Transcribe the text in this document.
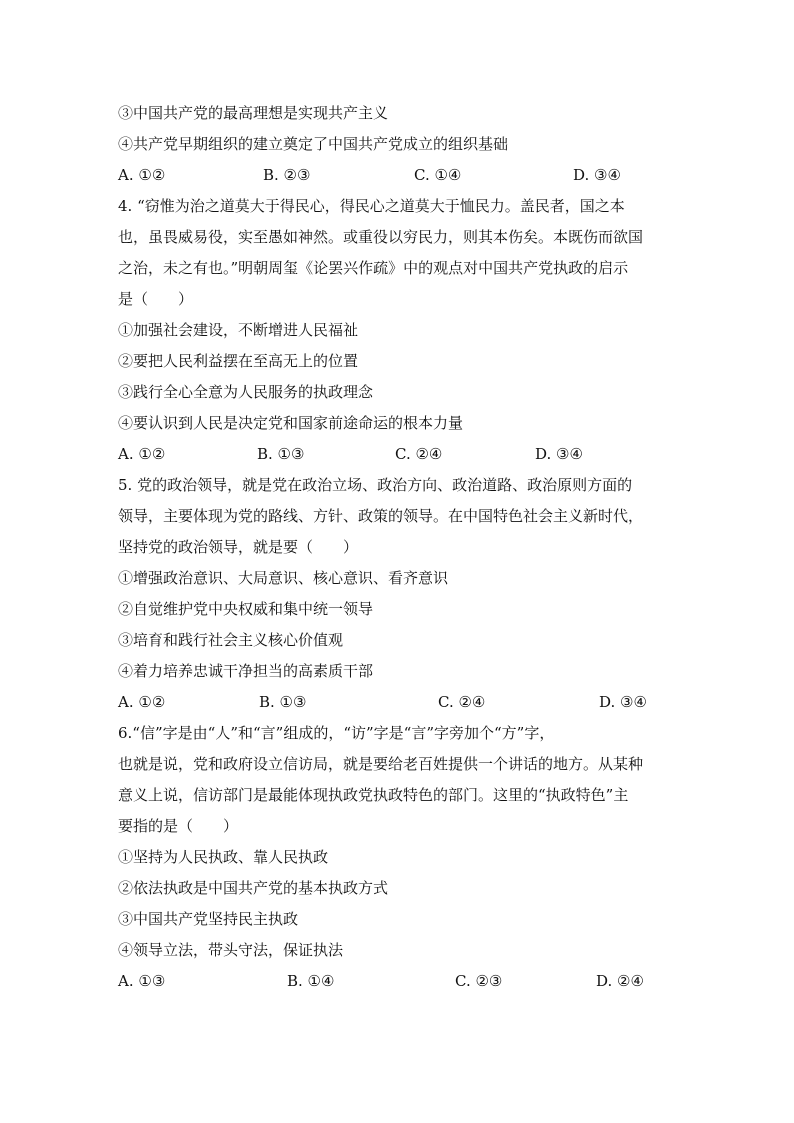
③中国共产党的最高理想是实现共产主义
④共产党早期组织的建立奠定了中国共产党成立的组织基础
A. ①②	B. ②③	C. ①④	D. ③④
4. “窃惟为治之道莫大于得民心，得民心之道莫大于恤民力。盖民者，国之本
也，虽畏威易役，实至愚如神然。或重役以穷民力，则其本伤矣。本既伤而欲国
之治，未之有也。”明朝周玺《论罢兴作疏》中的观点对中国共产党执政的启示
是（　　）
①加强社会建设，不断增进人民福祉
②要把人民利益摆在至高无上的位置
③践行全心全意为人民服务的执政理念
④要认识到人民是决定党和国家前途命运的根本力量
A. ①②	B. ①③	C. ②④	D. ③④
5. 党的政治领导，就是党在政治立场、政治方向、政治道路、政治原则方面的
领导，主要体现为党的路线、方针、政策的领导。在中国特色社会主义新时代，
坚持党的政治领导，就是要（　　）
①增强政治意识、大局意识、核心意识、看齐意识
②自觉维护党中央权威和集中统一领导
③培育和践行社会主义核心价值观
④着力培养忠诚干净担当的高素质干部
A. ①②	B. ①③	C. ②④	D. ③④
6.“信”字是由“人”和“言”组成的，“访”字是“言”字旁加个“方”字，
也就是说，党和政府设立信访局，就是要给老百姓提供一个讲话的地方。从某种
意义上说，信访部门是最能体现执政党执政特色的部门。这里的“执政特色”主
要指的是（　　）
①坚持为人民执政、靠人民执政
②依法执政是中国共产党的基本执政方式
③中国共产党坚持民主执政
④领导立法，带头守法，保证执法
A. ①③	B. ①④	C. ②③	D. ②④
